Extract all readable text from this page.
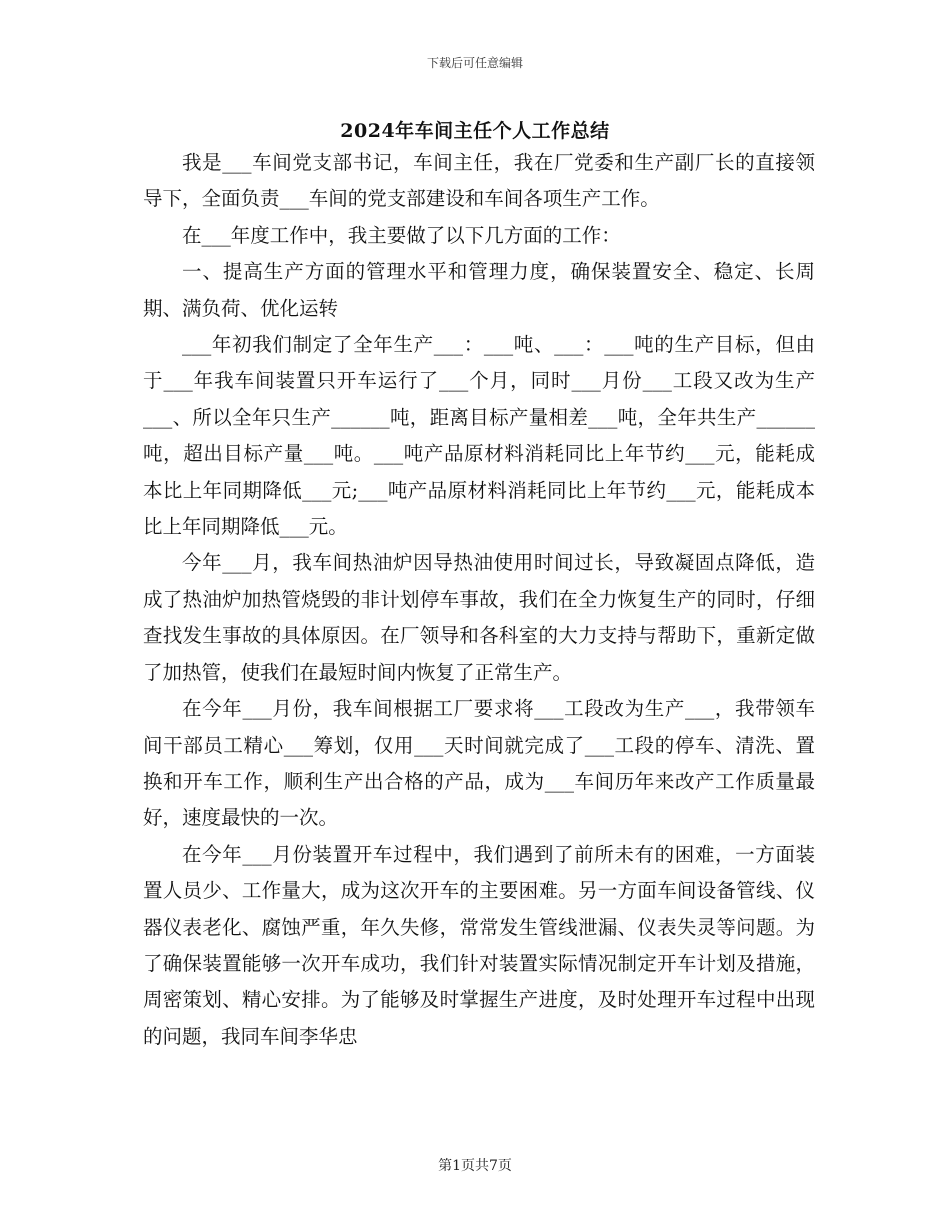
下载后可任意编辑
2024年车间主任个人工作总结

我是___车间党支部书记，车间主任，我在厂党委和生产副厂长的直接领导下，全面负责___车间的党支部建设和车间各项生产工作。

在___年度工作中，我主要做了以下几方面的工作：

一、提高生产方面的管理水平和管理力度，确保装置安全、稳定、长周期、满负荷、优化运转

___年初我们制定了全年生产___：___吨、___：___吨的生产目标，但由于___年我车间装置只开车运行了___个月，同时___月份___工段又改为生产___、所以全年只生产______吨，距离目标产量相差___吨，全年共生产______吨，超出目标产量___吨。___吨产品原材料消耗同比上年节约___元，能耗成本比上年同期降低___元;___吨产品原材料消耗同比上年节约___元，能耗成本比上年同期降低___元。

今年___月，我车间热油炉因导热油使用时间过长，导致凝固点降低，造成了热油炉加热管烧毁的非计划停车事故，我们在全力恢复生产的同时，仔细查找发生事故的具体原因。在厂领导和各科室的大力支持与帮助下，重新定做了加热管，使我们在最短时间内恢复了正常生产。

在今年___月份，我车间根据工厂要求将___工段改为生产___，我带领车间干部员工精心___筹划，仅用___天时间就完成了___工段的停车、清洗、置换和开车工作，顺利生产出合格的产品，成为___车间历年来改产工作质量最好，速度最快的一次。

在今年___月份装置开车过程中，我们遇到了前所未有的困难，一方面装置人员少、工作量大，成为这次开车的主要困难。另一方面车间设备管线、仪器仪表老化、腐蚀严重，年久失修，常常发生管线泄漏、仪表失灵等问题。为了确保装置能够一次开车成功，我们针对装置实际情况制定开车计划及措施，周密策划、精心安排。为了能够及时掌握生产进度，及时处理开车过程中出现的问题，我同车间李华忠

第1页共7页
